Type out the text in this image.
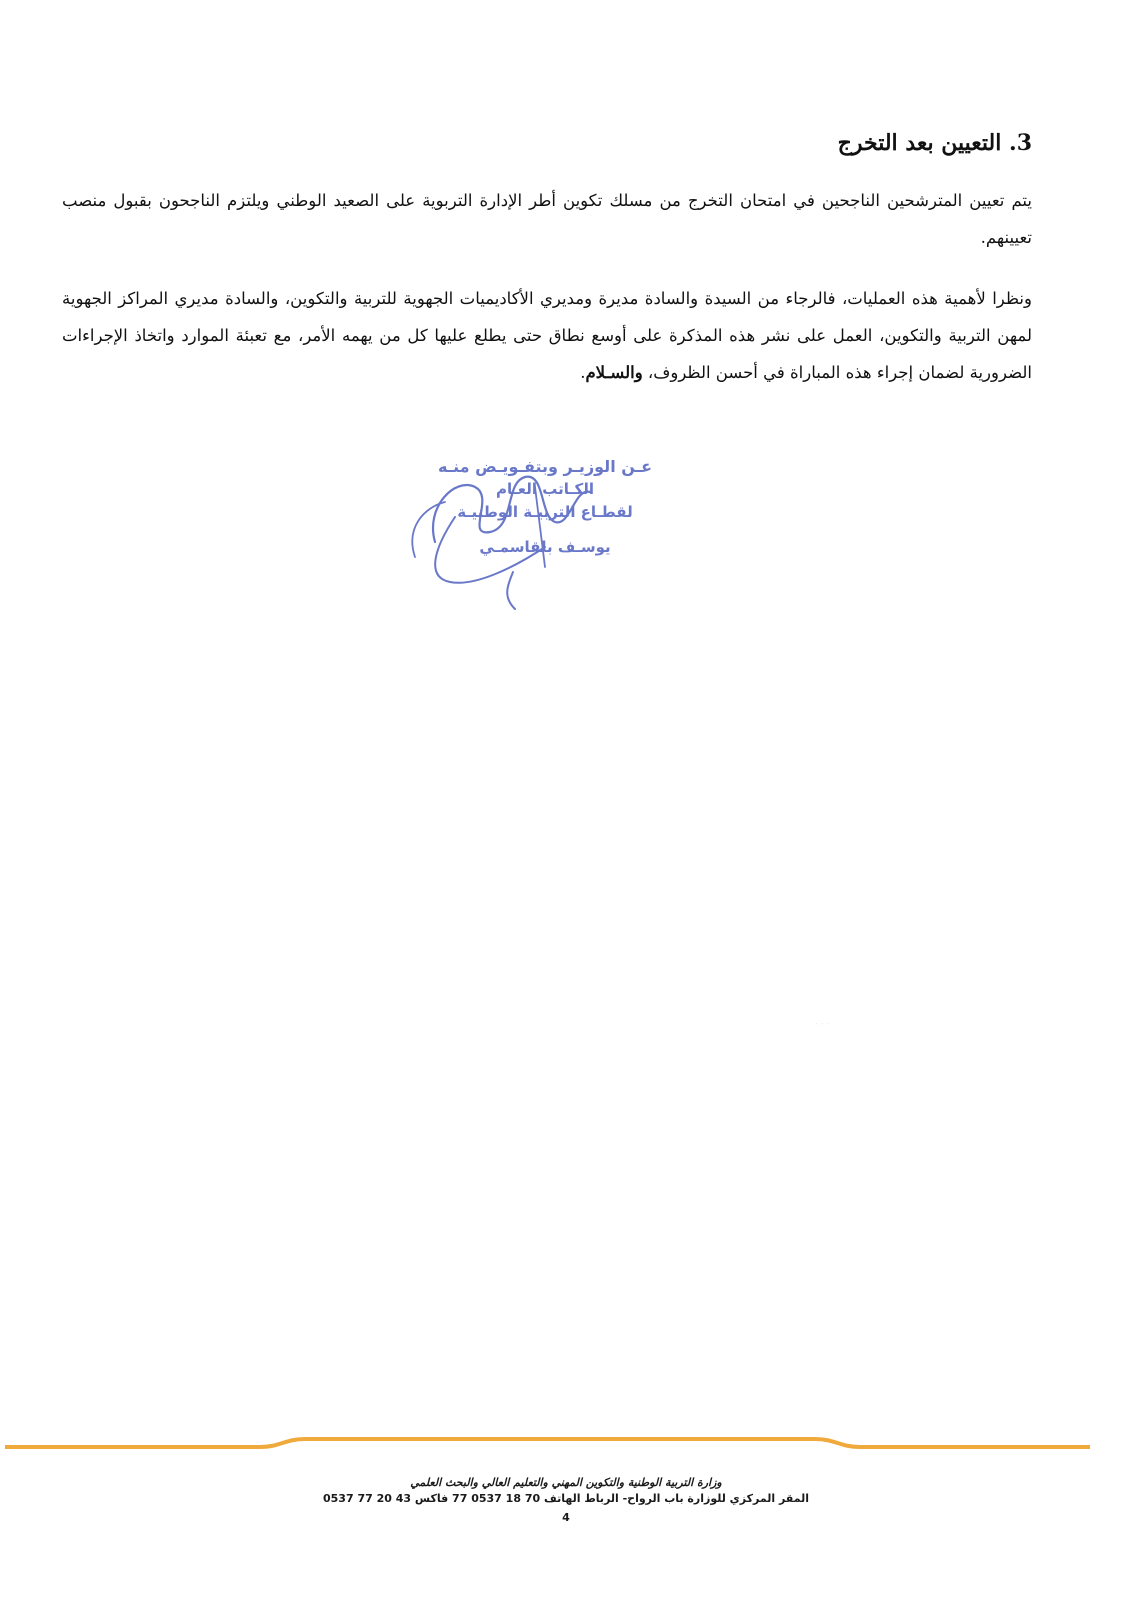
3. التعيين بعد التخرج

يتم تعيين المترشحين الناجحين في امتحان التخرج من مسلك تكوين أطر الإدارة التربوية على الصعيد الوطني ويلتزم الناجحون بقبول منصب تعيينهم.

ونظرا لأهمية هذه العمليات، فالرجاء من السيدة والسادة مديرة ومديري الأكاديميات الجهوية للتربية والتكوين، والسادة مديري المراكز الجهوية لمهن التربية والتكوين، العمل على نشر هذه المذكرة على أوسع نطاق حتى يطلع عليها كل من يهمه الأمر، مع تعبئة الموارد واتخاذ الإجراءات الضرورية لضمان إجراء هذه المباراة في أحسن الظروف، والسـلام.

عـن الوزيـر وبتفـويـض منـه
الكـاتب العـام
لقطـاع التربيـة الوطنيـة
يوسـف بلقاسمـي
˙ ˙ ˙
وزارة التربية الوطنية والتكوين المهني والتعليم العالي والبحث العلمي
المقر المركزي للوزارة باب الرواح- الرباط الهاتف 70 18 0537 77 فاكس 43 20 77 0537
4
